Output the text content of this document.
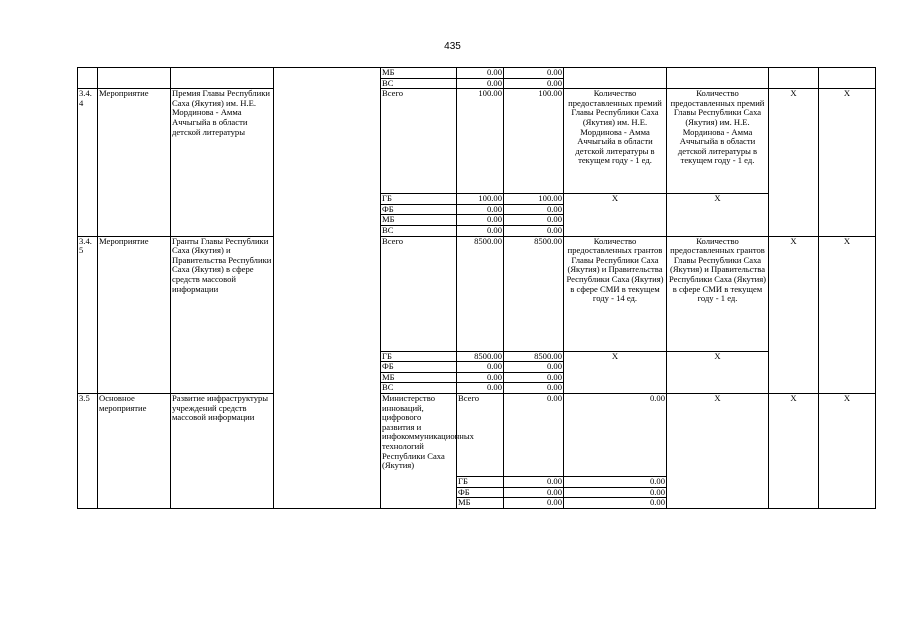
435
				МБ	0.00	0.00					
				ВС	0.00	0.00					
3.4.
4	Мероприятие	Премия Главы Республики Саха (Якутия) им. Н.Е. Мординова - Амма Аччыгыйа в области детской литературы		Всего	100.00	100.00	Количество предоставленных премий Главы Республики Саха (Якутия) им. Н.Е. Мординова - Амма Аччыгыйа в области детской литературы в текущем году - 1 ед.	Количество предоставленных премий Главы Республики Саха (Якутия) им. Н.Е. Мординова - Амма Аччыгыйа в области детской литературы в текущем году - 1 ед.	X	X	
				ГБ	100.00	100.00	X	X			
				ФБ	0.00	0.00					
				МБ	0.00	0.00					
				ВС	0.00	0.00					
3.4.
5	Мероприятие	Гранты Главы Республики Саха (Якутия) и Правительства Республики Саха (Якутия) в сфере средств массовой информации		Всего	8500.00	8500.00	Количество предоставленных грантов Главы Республики Саха (Якутия) и Правительства Республики Саха (Якутия) в сфере СМИ в текущем году - 14 ед.	Количество предоставленных грантов Главы Республики Саха (Якутия) и Правительства Республики Саха (Якутия) в сфере СМИ в текущем году - 1 ед.	X	X	
				ГБ	8500.00	8500.00	X	X			
				ФБ	0.00	0.00					
				МБ	0.00	0.00					
				ВС	0.00	0.00					
3.5	Основное мероприятие	Развитие инфраструктуры учреждений средств массовой информации		Министерство инноваций, цифрового развития и инфокоммуникационных технологий Республики Саха (Якутия)	Всего	0.00	0.00	X	X	X	
					ГБ	0.00	0.00				
					ФБ	0.00	0.00				
					МБ	0.00	0.00				
